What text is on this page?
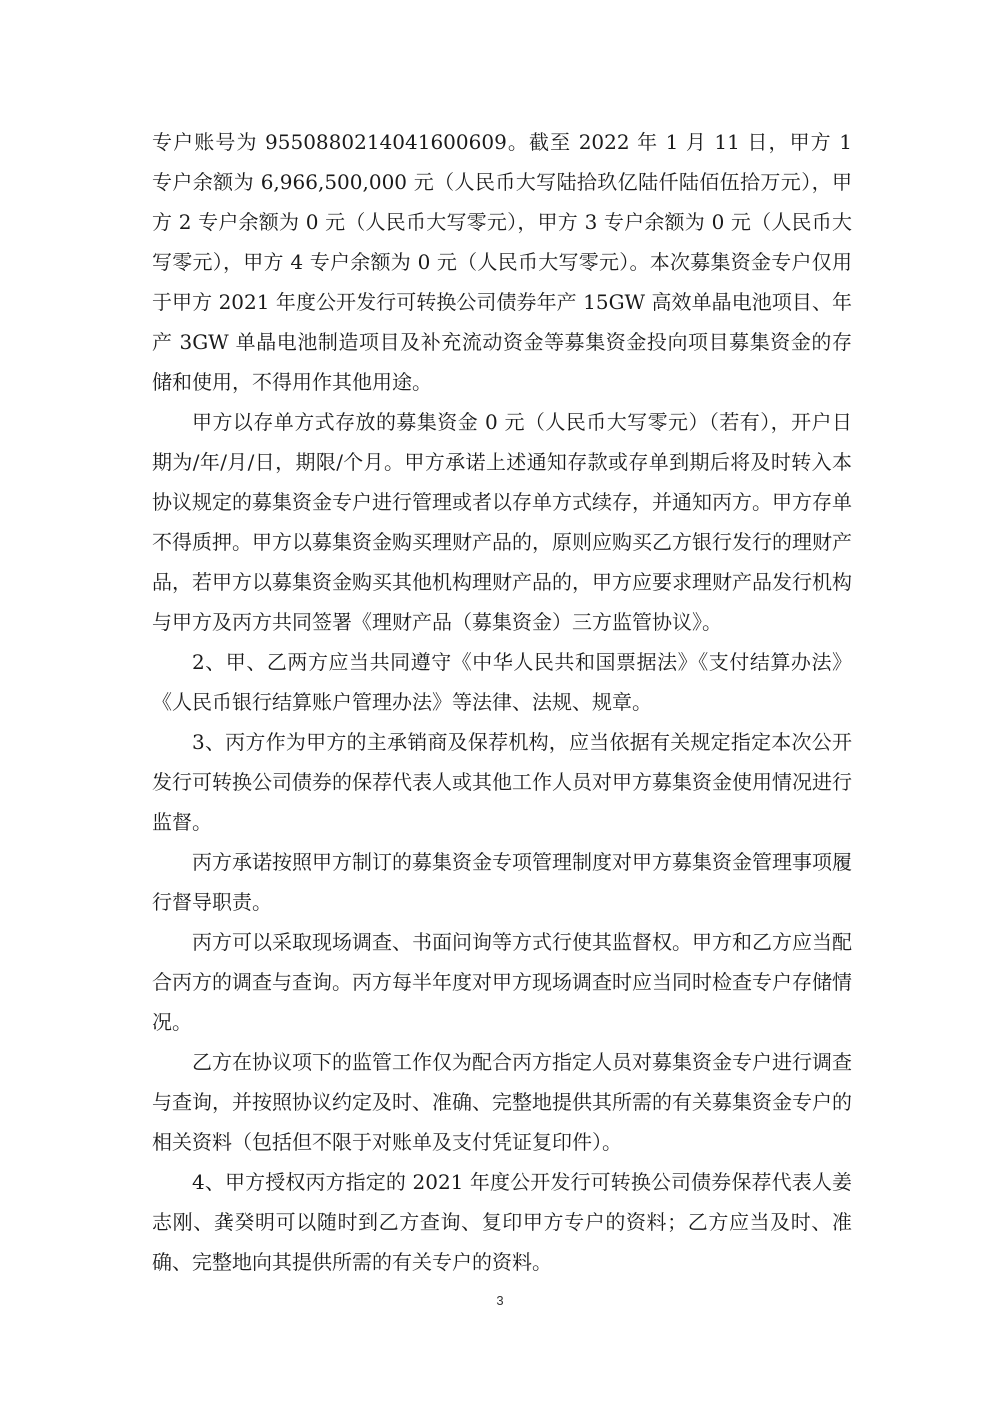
专户账号为 9550880214041600609。截至 2022 年 1 月 11 日，甲方 1 专户余额为 6,966,500,000 元（人民币大写陆拾玖亿陆仟陆佰伍拾万元），甲方 2 专户余额为 0 元（人民币大写零元），甲方 3 专户余额为 0 元（人民币大写零元），甲方 4 专户余额为 0 元（人民币大写零元）。本次募集资金专户仅用于甲方 2021 年度公开发行可转换公司债券年产 15GW 高效单晶电池项目、年产 3GW 单晶电池制造项目及补充流动资金等募集资金投向项目募集资金的存储和使用，不得用作其他用途。

甲方以存单方式存放的募集资金 0 元（人民币大写零元）（若有），开户日期为/年/月/日，期限/个月。甲方承诺上述通知存款或存单到期后将及时转入本协议规定的募集资金专户进行管理或者以存单方式续存，并通知丙方。甲方存单不得质押。甲方以募集资金购买理财产品的，原则应购买乙方银行发行的理财产品，若甲方以募集资金购买其他机构理财产品的，甲方应要求理财产品发行机构与甲方及丙方共同签署《理财产品（募集资金）三方监管协议》。

2、甲、乙两方应当共同遵守《中华人民共和国票据法》《支付结算办法》《人民币银行结算账户管理办法》等法律、法规、规章。

3、丙方作为甲方的主承销商及保荐机构，应当依据有关规定指定本次公开发行可转换公司债券的保荐代表人或其他工作人员对甲方募集资金使用情况进行监督。

丙方承诺按照甲方制订的募集资金专项管理制度对甲方募集资金管理事项履行督导职责。

丙方可以采取现场调查、书面问询等方式行使其监督权。甲方和乙方应当配合丙方的调查与查询。丙方每半年度对甲方现场调查时应当同时检查专户存储情况。

乙方在协议项下的监管工作仅为配合丙方指定人员对募集资金专户进行调查与查询，并按照协议约定及时、准确、完整地提供其所需的有关募集资金专户的相关资料（包括但不限于对账单及支付凭证复印件）。

4、甲方授权丙方指定的 2021 年度公开发行可转换公司债券保荐代表人姜志刚、龚癸明可以随时到乙方查询、复印甲方专户的资料；乙方应当及时、准确、完整地向其提供所需的有关专户的资料。

3
